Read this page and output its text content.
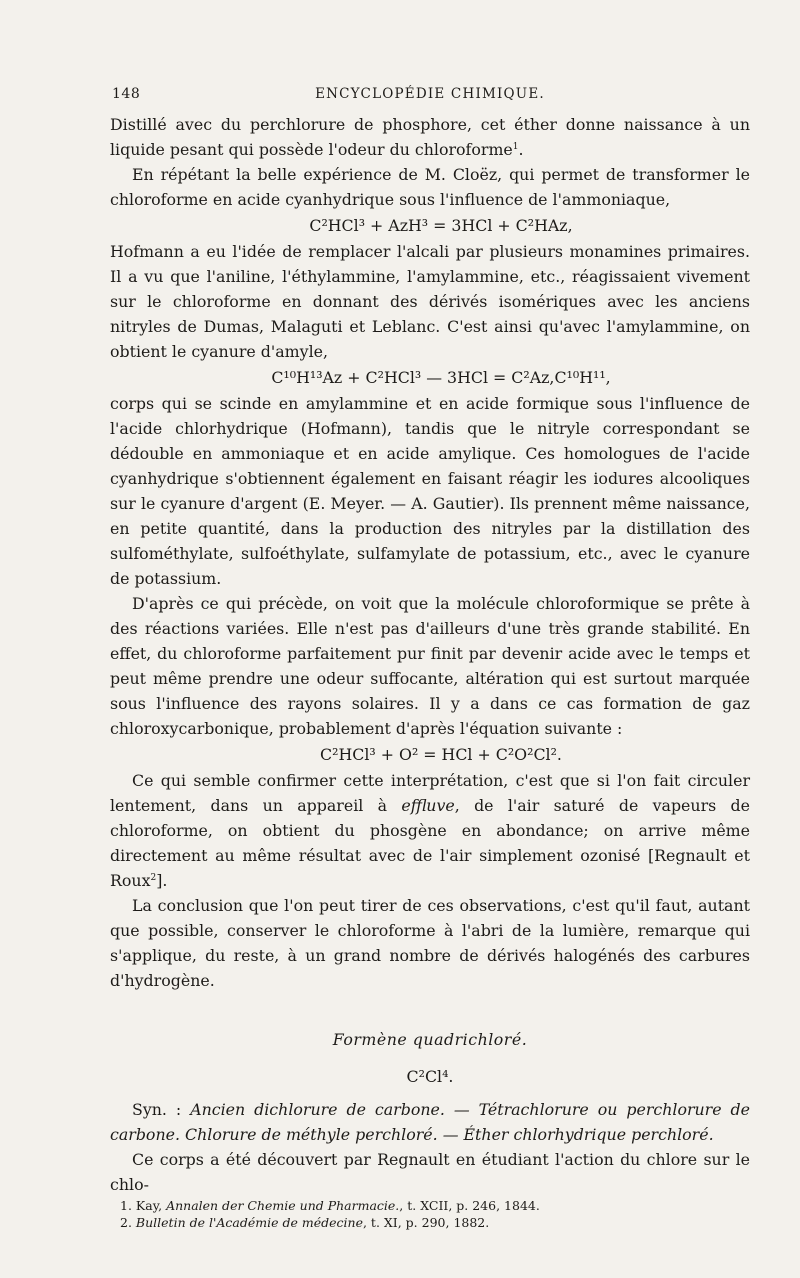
148	ENCYCLOPÉDIE CHIMIQUE.

Distillé avec du perchlorure de phosphore, cet éther donne naissance à un liquide pesant qui possède l'odeur du chloroforme$^1$.

En répétant la belle expérience de M. Cloëz, qui permet de transformer le chloroforme en acide cyanhydrique sous l'influence de l'ammoniaque,

C²HCl³ + AzH³ = 3HCl + C²HAz,

Hofmann a eu l'idée de remplacer l'alcali par plusieurs monamines primaires. Il a vu que l'aniline, l'éthylammine, l'amylammine, etc., réagissaient vivement sur le chloroforme en donnant des dérivés isomériques avec les anciens nitryles de Dumas, Malaguti et Leblanc. C'est ainsi qu'avec l'amylammine, on obtient le cyanure d'amyle,

C¹⁰H¹³Az + C²HCl³ — 3HCl = C²Az,C¹⁰H¹¹,

corps qui se scinde en amylammine et en acide formique sous l'influence de l'acide chlorhydrique (Hofmann), tandis que le nitryle correspondant se dédouble en ammoniaque et en acide amylique. Ces homologues de l'acide cyanhydrique s'obtiennent également en faisant réagir les iodures alcooliques sur le cyanure d'argent (E. Meyer. — A. Gautier). Ils prennent même naissance, en petite quantité, dans la production des nitryles par la distillation des sulfométhylate, sulfoéthylate, sulfamylate de potassium, etc., avec le cyanure de potassium.

D'après ce qui précède, on voit que la molécule chloroformique se prête à des réactions variées. Elle n'est pas d'ailleurs d'une très grande stabilité. En effet, du chloroforme parfaitement pur finit par devenir acide avec le temps et peut même prendre une odeur suffocante, altération qui est surtout marquée sous l'influence des rayons solaires. Il y a dans ce cas formation de gaz chloroxycarbonique, probablement d'après l'équation suivante :

C²HCl³ + O² = HCl + C²O²Cl².

Ce qui semble confirmer cette interprétation, c'est que si l'on fait circuler lentement, dans un appareil à effluve, de l'air saturé de vapeurs de chloroforme, on obtient du phosgène en abondance; on arrive même directement au même résultat avec de l'air simplement ozonisé [Regnault et Roux$^2$].

La conclusion que l'on peut tirer de ces observations, c'est qu'il faut, autant que possible, conserver le chloroforme à l'abri de la lumière, remarque qui s'applique, du reste, à un grand nombre de dérivés halogénés des carbures d'hydrogène.

Formène quadrichloré.
C²Cl⁴.

Syn. : Ancien dichlorure de carbone. — Tétrachlorure ou perchlorure de carbone. Chlorure de méthyle perchloré. — Éther chlorhydrique perchloré.

Ce corps a été découvert par Regnault en étudiant l'action du chlore sur le chlo-

1. Kay, Annalen der Chemie und Pharmacie., t. XCII, p. 246, 1844.

2. Bulletin de l'Académie de médecine, t. XI, p. 290, 1882.
